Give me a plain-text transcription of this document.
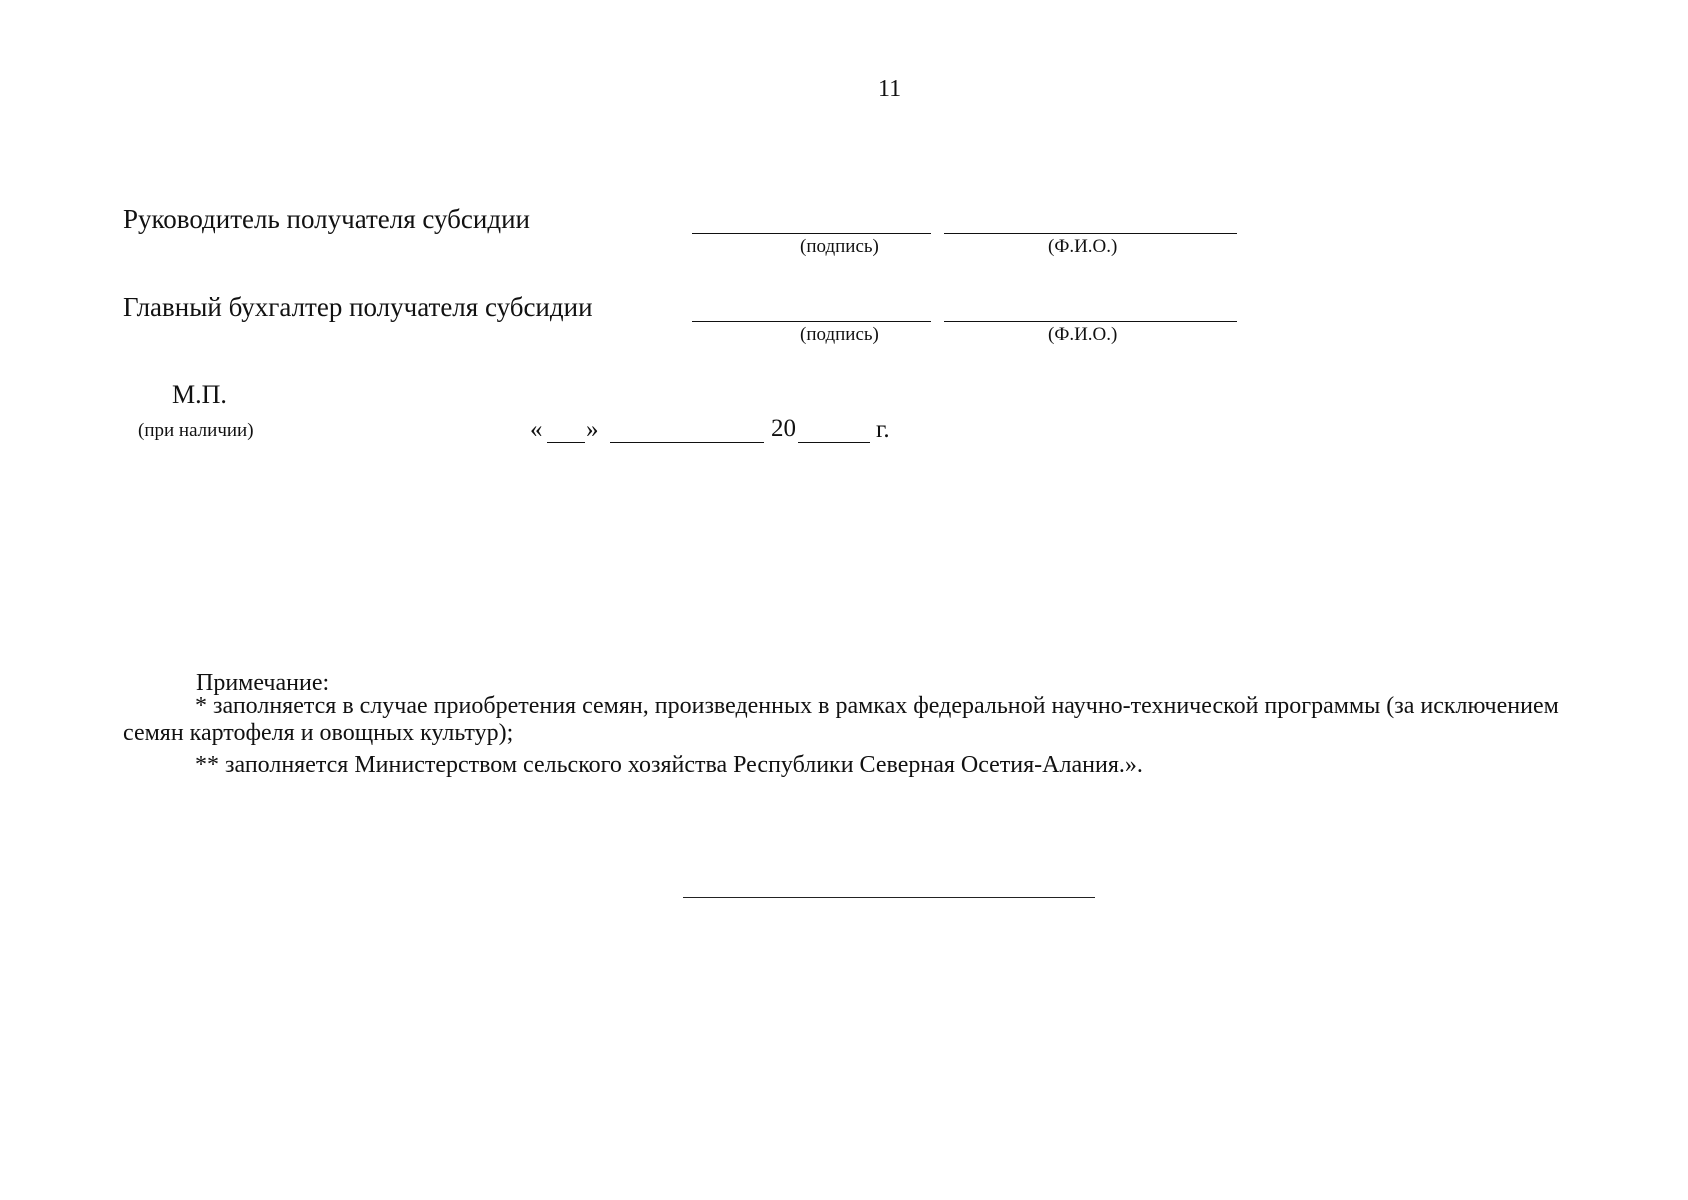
11
Руководитель получателя субсидии
(подпись)	(Ф.И.О.)
Главный бухгалтер получателя субсидии
(подпись)	(Ф.И.О.)
М.П.
(при наличии)	« »	20	г.
Примечание:
* заполняется в случае приобретения семян, произведенных в рамках федеральной научно-технической программы (за исключением семян картофеля и овощных культур);
** заполняется Министерством сельского хозяйства Республики Северная Осетия-Алания.».
